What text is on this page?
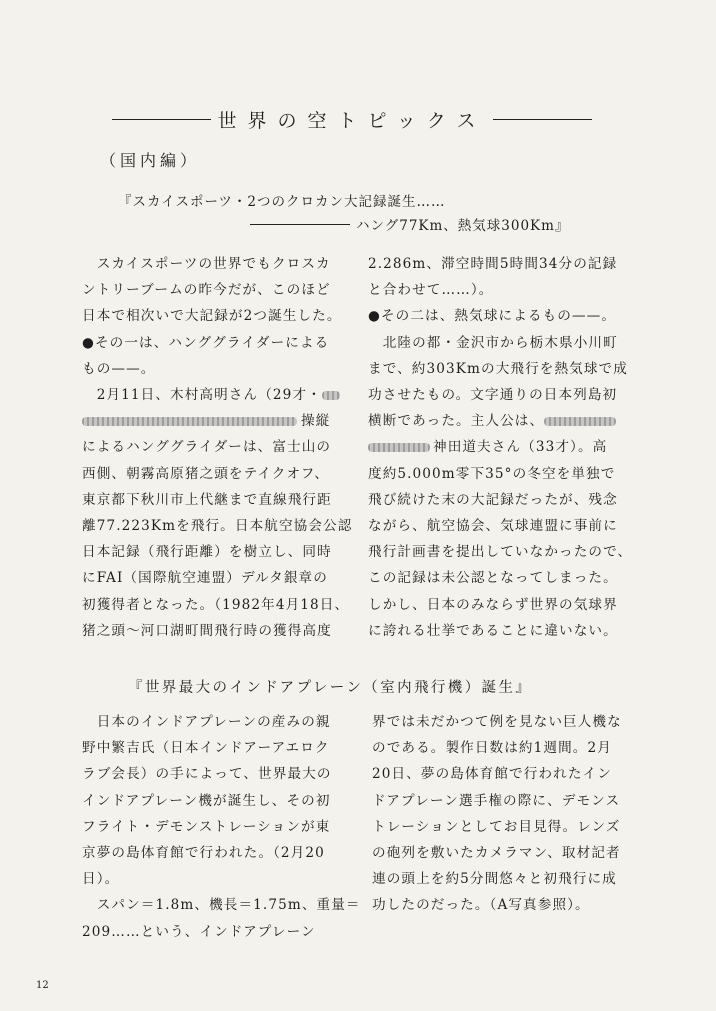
世界の空トピックス
（国内編）
『スカイスポーツ・2つのクロカン大記録誕生……
ハング77Km、熱気球300Km』

　スカイスポーツの世界でもクロスカ

ントリーブームの昨今だが、このほど

日本で相次いで大記録が2つ誕生した。

●その一は、ハンググライダーによる

もの——。

　2月11日、木村高明さん（29才・

操縦

によるハンググライダーは、富士山の

西側、朝霧高原猪之頭をテイクオフ、

東京都下秋川市上代継まで直線飛行距

離77.223Kmを飛行。日本航空協会公認

日本記録（飛行距離）を樹立し、同時

にFAI（国際航空連盟）デルタ銀章の

初獲得者となった。（1982年4月18日、

猪之頭～河口湖町間飛行時の獲得高度

2.286m、滞空時間5時間34分の記録

と合わせて……）。

●その二は、熱気球によるもの——。

　北陸の都・金沢市から栃木県小川町

まで、約303Kmの大飛行を熱気球で成

功させたもの。文字通りの日本列島初

横断であった。主人公は、

神田道夫さん（33才）。高

度約5.000m零下35°の冬空を単独で

飛び続けた末の大記録だったが、残念

ながら、航空協会、気球連盟に事前に

飛行計画書を提出していなかったので、

この記録は未公認となってしまった。

しかし、日本のみならず世界の気球界

に誇れる壮挙であることに違いない。

『世界最大のインドアプレーン（室内飛行機）誕生』

　日本のインドアプレーンの産みの親

野中繁吉氏（日本インドアーアエロク

ラブ会長）の手によって、世界最大の

インドアプレーン機が誕生し、その初

フライト・デモンストレーションが東

京夢の島体育館で行われた。（2月20

日）。

　スパン＝1.8m、機長＝1.75m、重量＝

209……という、インドアプレーン

界では未だかつて例を見ない巨人機な

のである。製作日数は約1週間。2月

20日、夢の島体育館で行われたイン

ドアプレーン選手権の際に、デモンス

トレーションとしてお目見得。レンズ

の砲列を敷いたカメラマン、取材記者

連の頭上を約5分間悠々と初飛行に成

功したのだった。（A写真参照）。

12
